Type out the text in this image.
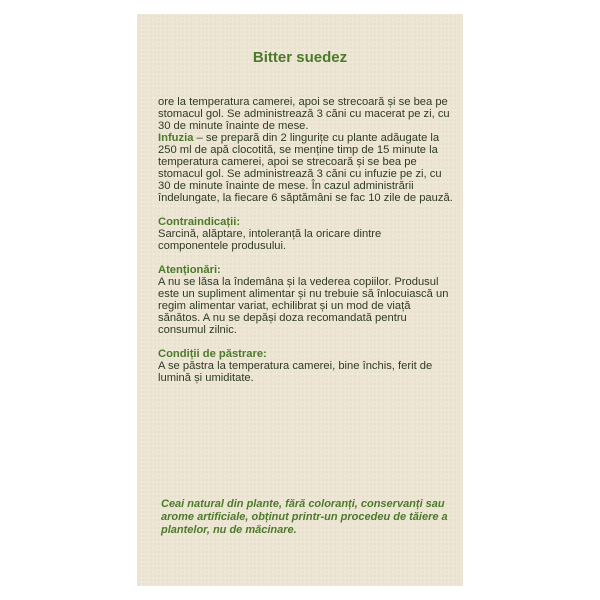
Bitter suedez

ore la temperatura camerei, apoi se strecoară și se bea pe stomacul gol. Se administrează 3 căni cu macerat pe zi, cu 30 de minute înainte de mese.

Infuzia – se prepară din 2 lingurițe cu plante adăugate la 250 ml de apă clocotită, se menține timp de 15 minute la temperatura camerei, apoi se strecoară și se bea pe stomacul gol. Se administrează 3 căni cu infuzie pe zi, cu 30 de minute înainte de mese. În cazul administrării îndelungate, la fiecare 6 săptămâni se fac 10 zile de pauză.

Contraindicații:

Sarcină, alăptare, intoleranță la oricare dintre componentele produsului.

Atenționări:

A nu se lăsa la îndemâna și la vederea copiilor. Produsul este un supliment alimentar și nu trebuie să înlocuiască un regim alimentar variat, echilibrat și un mod de viață sănătos. A nu se depăși doza recomandată pentru consumul zilnic.

Condiții de păstrare:

A se păstra la temperatura camerei, bine închis, ferit de lumină și umiditate.

Ceai natural din plante, fără coloranți, conservanți sau arome artificiale, obținut printr-un procedeu de tăiere a plantelor, nu de măcinare.
